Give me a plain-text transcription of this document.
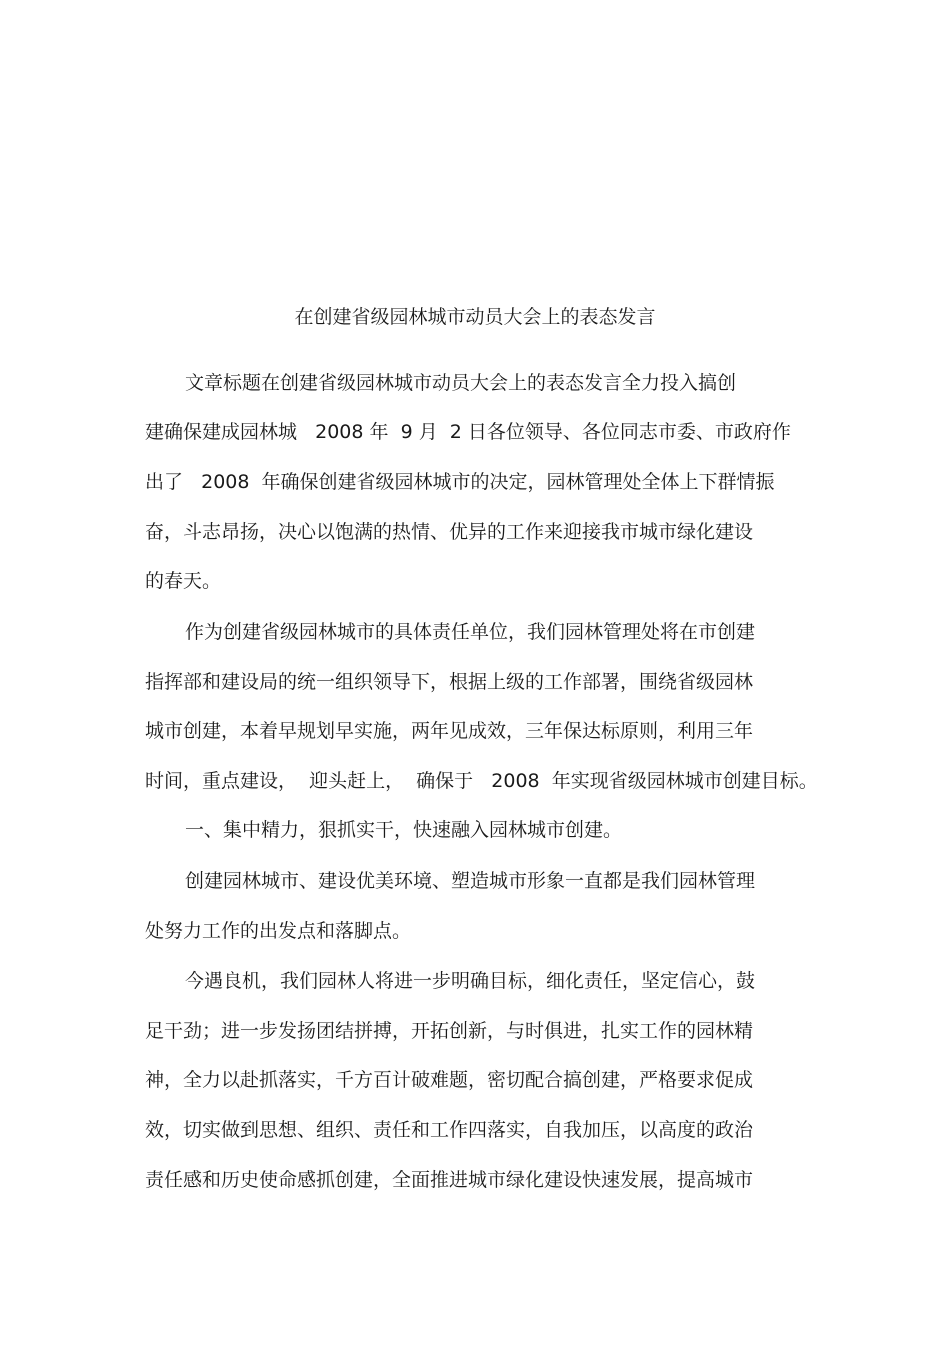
在创建省级园林城市动员大会上的表态发言
文章标题在创建省级园林城市动员大会上的表态发言全力投入搞创
建确保建成园林城   2008 年  9 月  2 日各位领导、各位同志市委、市政府作
出了   2008  年确保创建省级园林城市的决定，园林管理处全体上下群情振
奋，斗志昂扬，决心以饱满的热情、优异的工作来迎接我市城市绿化建设
的春天。
作为创建省级园林城市的具体责任单位，我们园林管理处将在市创建
指挥部和建设局的统一组织领导下，根据上级的工作部署，围绕省级园林
城市创建，本着早规划早实施，两年见成效，三年保达标原则，利用三年
时间，重点建设，  迎头赶上，  确保于   2008  年实现省级园林城市创建目标。
一、集中精力，狠抓实干，快速融入园林城市创建。
创建园林城市、建设优美环境、塑造城市形象一直都是我们园林管理
处努力工作的出发点和落脚点。
今遇良机，我们园林人将进一步明确目标，细化责任，坚定信心，鼓
足干劲；进一步发扬团结拼搏，开拓创新，与时俱进，扎实工作的园林精
神，全力以赴抓落实，千方百计破难题，密切配合搞创建，严格要求促成
效，切实做到思想、组织、责任和工作四落实，自我加压，以高度的政治
责任感和历史使命感抓创建，全面推进城市绿化建设快速发展，提高城市
